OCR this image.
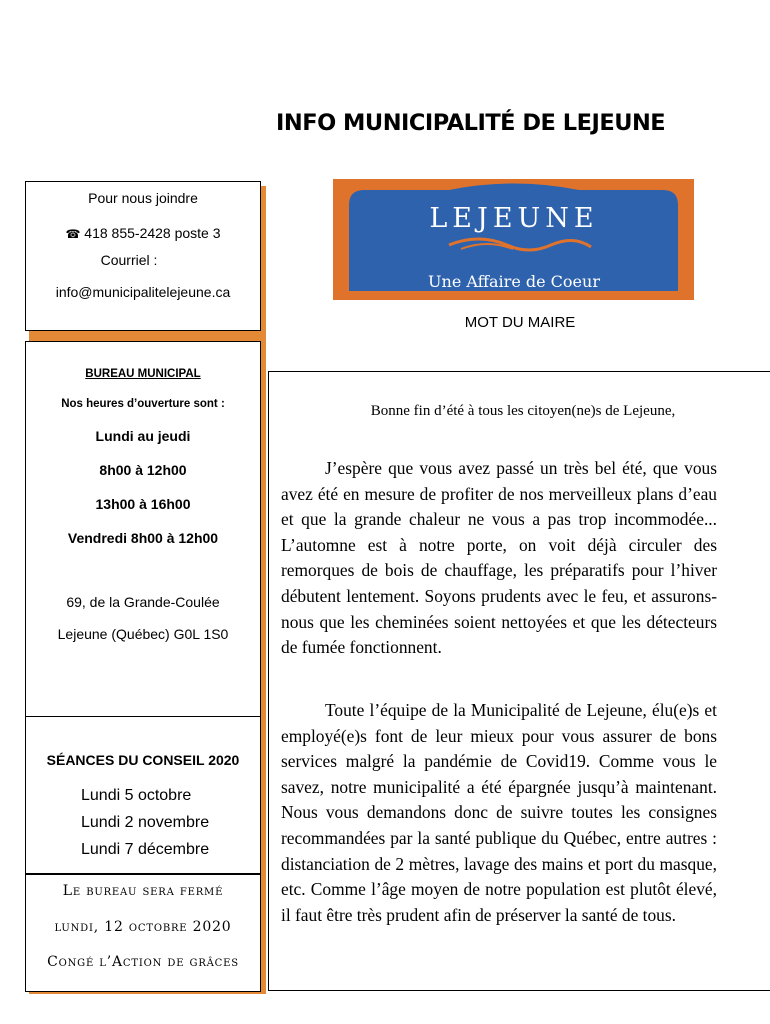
INFO MUNICIPALITÉ DE LEJEUNE
Pour nous joindre
☎ 418 855-2428 poste 3
Courriel :
info@municipalitelejeune.ca
BUREAU MUNICIPAL
Nos heures d’ouverture sont :
Lundi au jeudi
8h00 à 12h00
13h00 à 16h00
Vendredi 8h00 à 12h00
69, de la Grande-Coulée
Lejeune (Québec) G0L 1S0
SÉANCES DU CONSEIL 2020
Lundi 5 octobre
Lundi 2 novembre
Lundi 7 décembre
Le bureau sera fermé
lundi, 12 octobre 2020
Congé l’Action de grâces
LEJEUNE
Une Affaire de Coeur
MOT DU MAIRE
Bonne fin d’été à tous les citoyen(ne)s de Lejeune,

J’espère que vous avez passé un très bel été, que vous avez été en mesure de profiter de nos merveilleux plans d’eau et que la grande chaleur ne vous a pas trop incommodée... L’automne est à notre porte, on voit déjà circuler des remorques de bois de chauffage, les préparatifs pour l’hiver débutent lentement. Soyons prudents avec le feu, et assurons-nous que les cheminées soient nettoyées et que les détecteurs de fumée fonctionnent.

Toute l’équipe de la Municipalité de Lejeune, élu(e)s et employé(e)s font de leur mieux pour vous assurer de bons services malgré la pandémie de Covid19. Comme vous le savez, notre municipalité a été épargnée jusqu’à maintenant. Nous vous demandons donc de suivre toutes les consignes recommandées par la santé publique du Québec, entre autres : distanciation de 2 mètres, lavage des mains et port du masque, etc. Comme l’âge moyen de notre population est plutôt élevé, il faut être très prudent afin de préserver la santé de tous.
